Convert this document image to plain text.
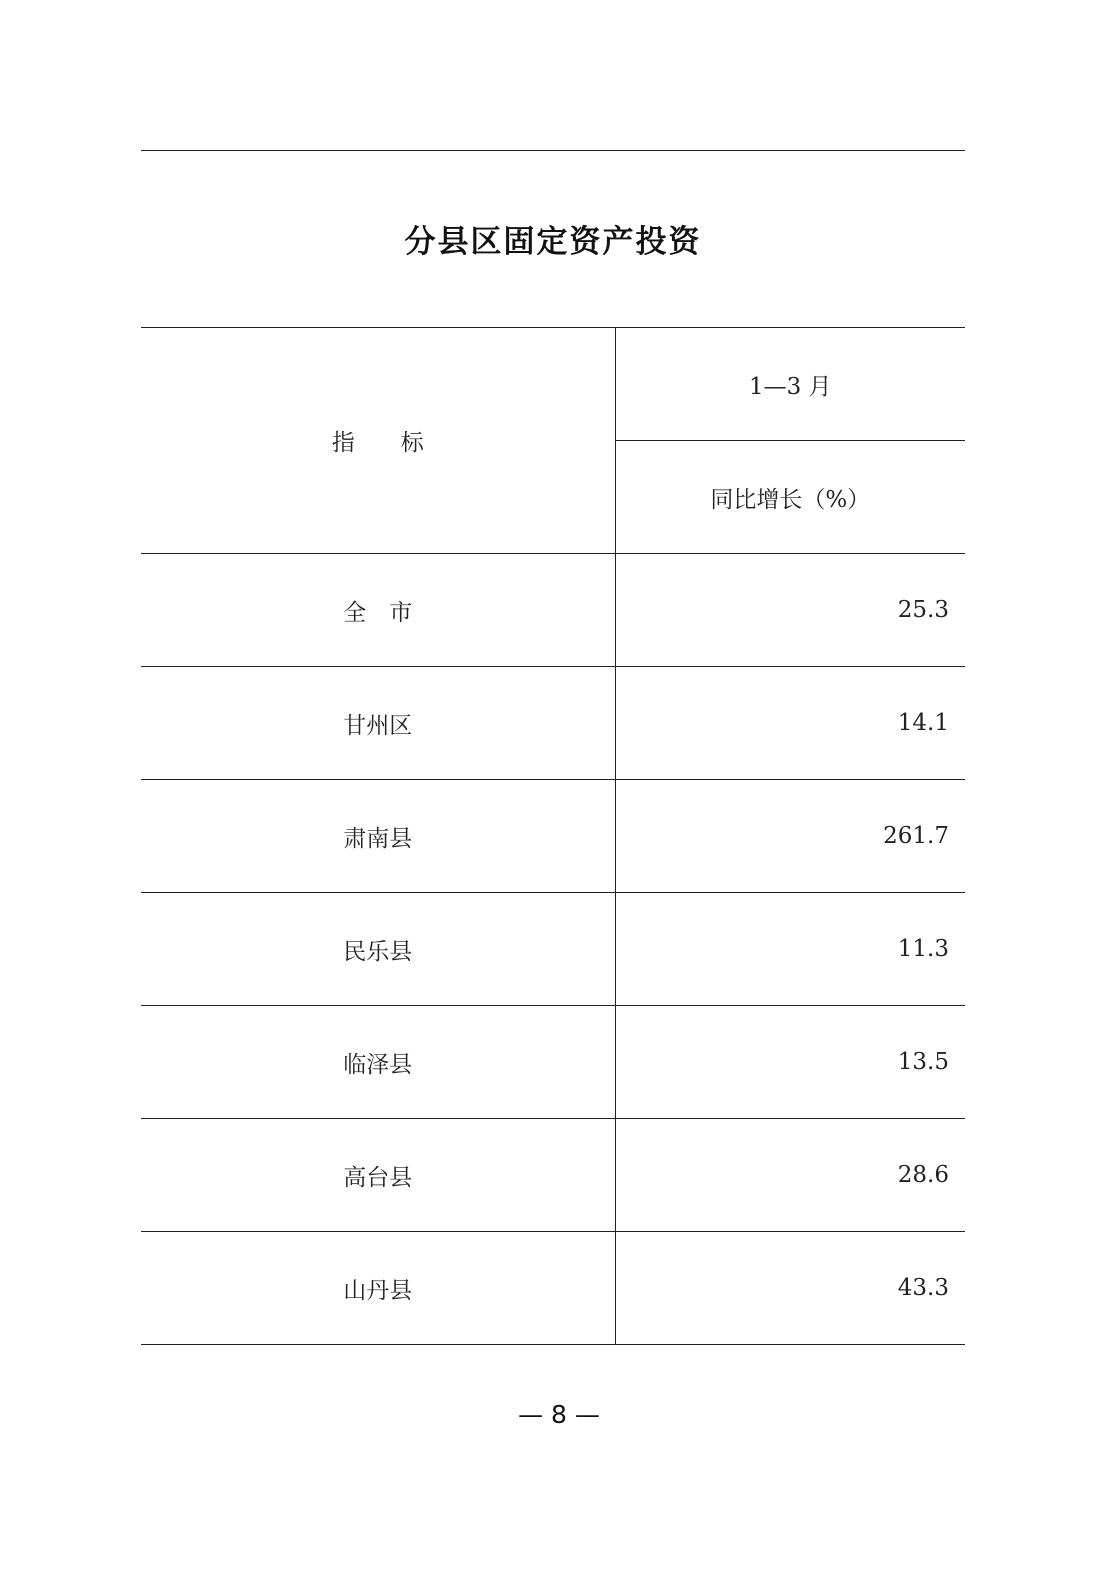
分县区固定资产投资
指　　标	1—3 月
	同比增长（%）
全　市	25.3
甘州区	14.1
肃南县	261.7
民乐县	11.3
临泽县	13.5
高台县	28.6
山丹县	43.3
— 8 —
